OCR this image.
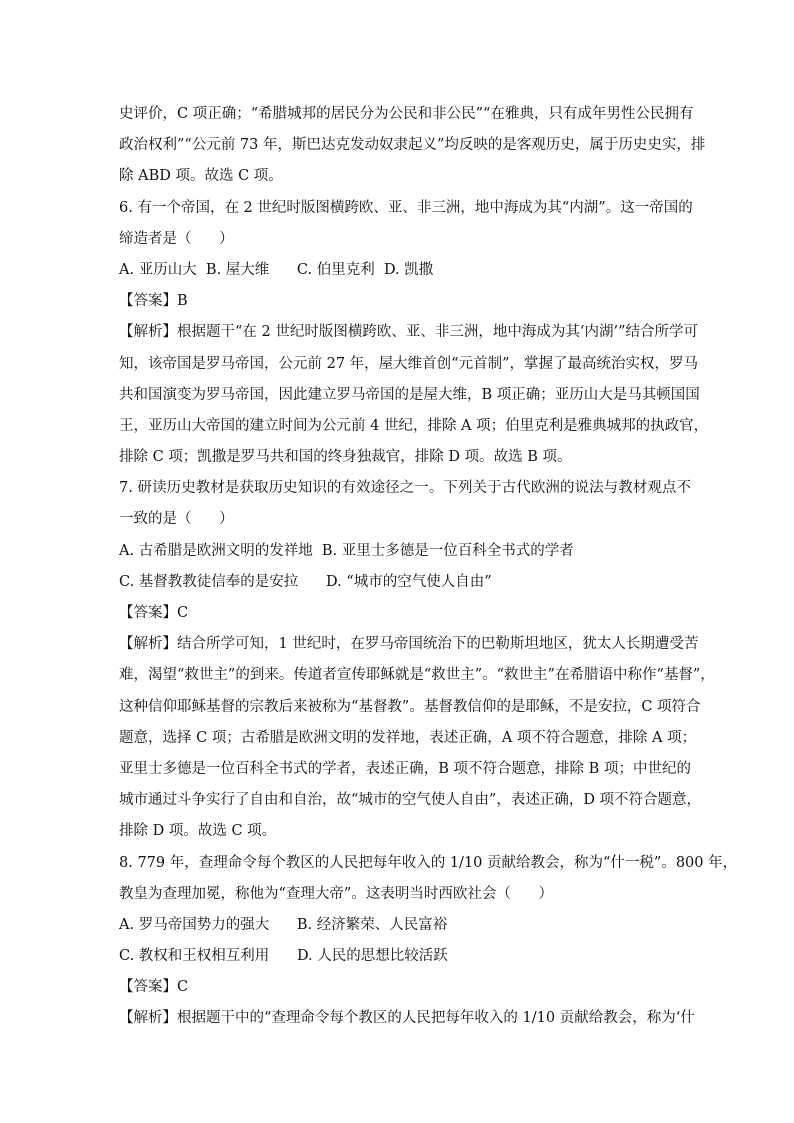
史评价，C 项正确；“希腊城邦的居民分为公民和非公民”“在雅典，只有成年男性公民拥有
政治权利”“公元前 73 年，斯巴达克发动奴隶起义”均反映的是客观历史，属于历史史实，排
除 ABD 项。故选 C 项。
6. 有一个帝国，在 2 世纪时版图横跨欧、亚、非三洲，地中海成为其“内湖”。这一帝国的
缔造者是（      ）
A. 亚历山大  B. 屋大维      C. 伯里克利  D. 凯撒
【答案】B
【解析】根据题干“在 2 世纪时版图横跨欧、亚、非三洲，地中海成为其‘内湖’”结合所学可
知，该帝国是罗马帝国，公元前 27 年，屋大维首创“元首制”，掌握了最高统治实权，罗马
共和国演变为罗马帝国，因此建立罗马帝国的是屋大维，B 项正确；亚历山大是马其顿国国
王，亚历山大帝国的建立时间为公元前 4 世纪，排除 A 项；伯里克利是雅典城邦的执政官，
排除 C 项；凯撒是罗马共和国的终身独裁官，排除 D 项。故选 B 项。
7. 研读历史教材是获取历史知识的有效途径之一。下列关于古代欧洲的说法与教材观点不
一致的是（      ）
A. 古希腊是欧洲文明的发祥地  B. 亚里士多德是一位百科全书式的学者
C. 基督教教徒信奉的是安拉      D. “城市的空气使人自由”
【答案】C
【解析】结合所学可知，1 世纪时，在罗马帝国统治下的巴勒斯坦地区，犹太人长期遭受苦
难，渴望“救世主”的到来。传道者宣传耶稣就是“救世主”。“救世主”在希腊语中称作“基督”，
这种信仰耶稣基督的宗教后来被称为“基督教”。基督教信仰的是耶稣，不是安拉，C 项符合
题意，选择 C 项；古希腊是欧洲文明的发祥地，表述正确，A 项不符合题意，排除 A 项；
亚里士多德是一位百科全书式的学者，表述正确，B 项不符合题意，排除 B 项；中世纪的
城市通过斗争实行了自由和自治，故“城市的空气使人自由”，表述正确，D 项不符合题意，
排除 D 项。故选 C 项。
8. 779 年，查理命令每个教区的人民把每年收入的 1/10 贡献给教会，称为“什一税”。800 年，
教皇为查理加冕，称他为“查理大帝”。这表明当时西欧社会（      ）
A. 罗马帝国势力的强大      B. 经济繁荣、人民富裕
C. 教权和王权相互利用      D. 人民的思想比较活跃
【答案】C
【解析】根据题干中的“查理命令每个教区的人民把每年收入的 1/10 贡献给教会，称为‘什
